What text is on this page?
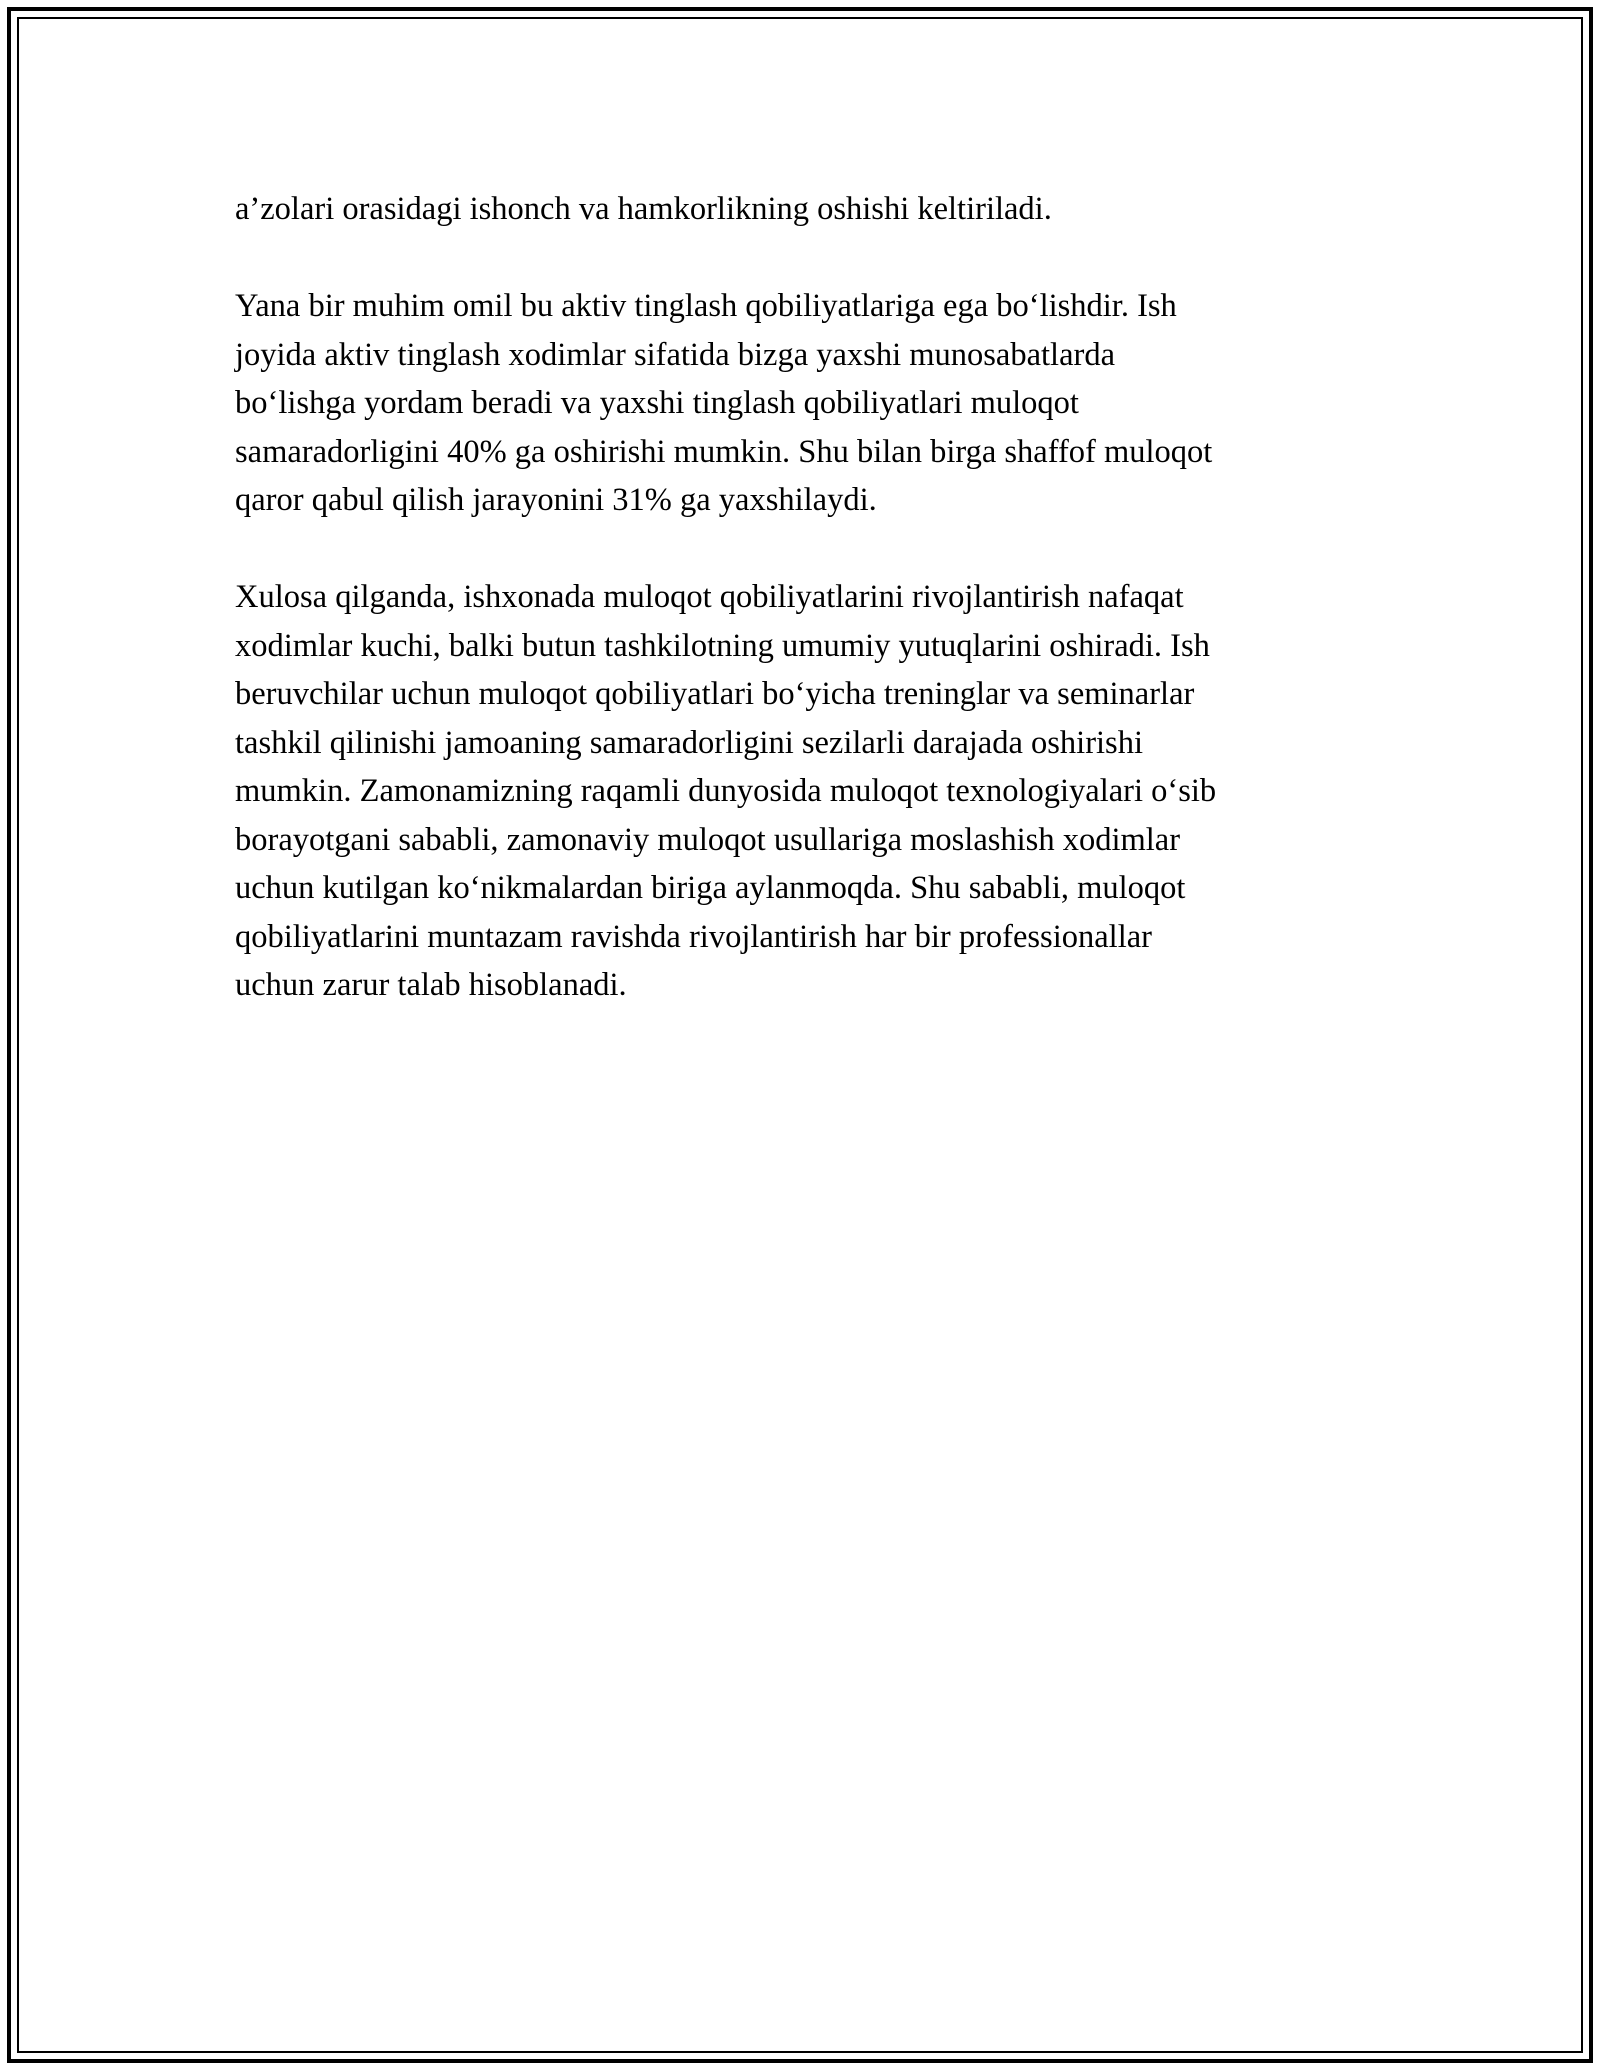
a’zolari orasidagi ishonch va hamkorlikning oshishi keltiriladi.

Yana bir muhim omil bu aktiv tinglash qobiliyatlariga ega bo‘lishdir. Ish
joyida aktiv tinglash xodimlar sifatida bizga yaxshi munosabatlarda
bo‘lishga yordam beradi va yaxshi tinglash qobiliyatlari muloqot
samaradorligini 40% ga oshirishi mumkin. Shu bilan birga shaffof muloqot
qaror qabul qilish jarayonini 31% ga yaxshilaydi.

Xulosa qilganda, ishxonada muloqot qobiliyatlarini rivojlantirish nafaqat
xodimlar kuchi, balki butun tashkilotning umumiy yutuqlarini oshiradi. Ish
beruvchilar uchun muloqot qobiliyatlari bo‘yicha treninglar va seminarlar
tashkil qilinishi jamoaning samaradorligini sezilarli darajada oshirishi
mumkin. Zamonamizning raqamli dunyosida muloqot texnologiyalari o‘sib
borayotgani sababli, zamonaviy muloqot usullariga moslashish xodimlar
uchun kutilgan ko‘nikmalardan biriga aylanmoqda. Shu sababli, muloqot
qobiliyatlarini muntazam ravishda rivojlantirish har bir professionallar
uchun zarur talab hisoblanadi.
